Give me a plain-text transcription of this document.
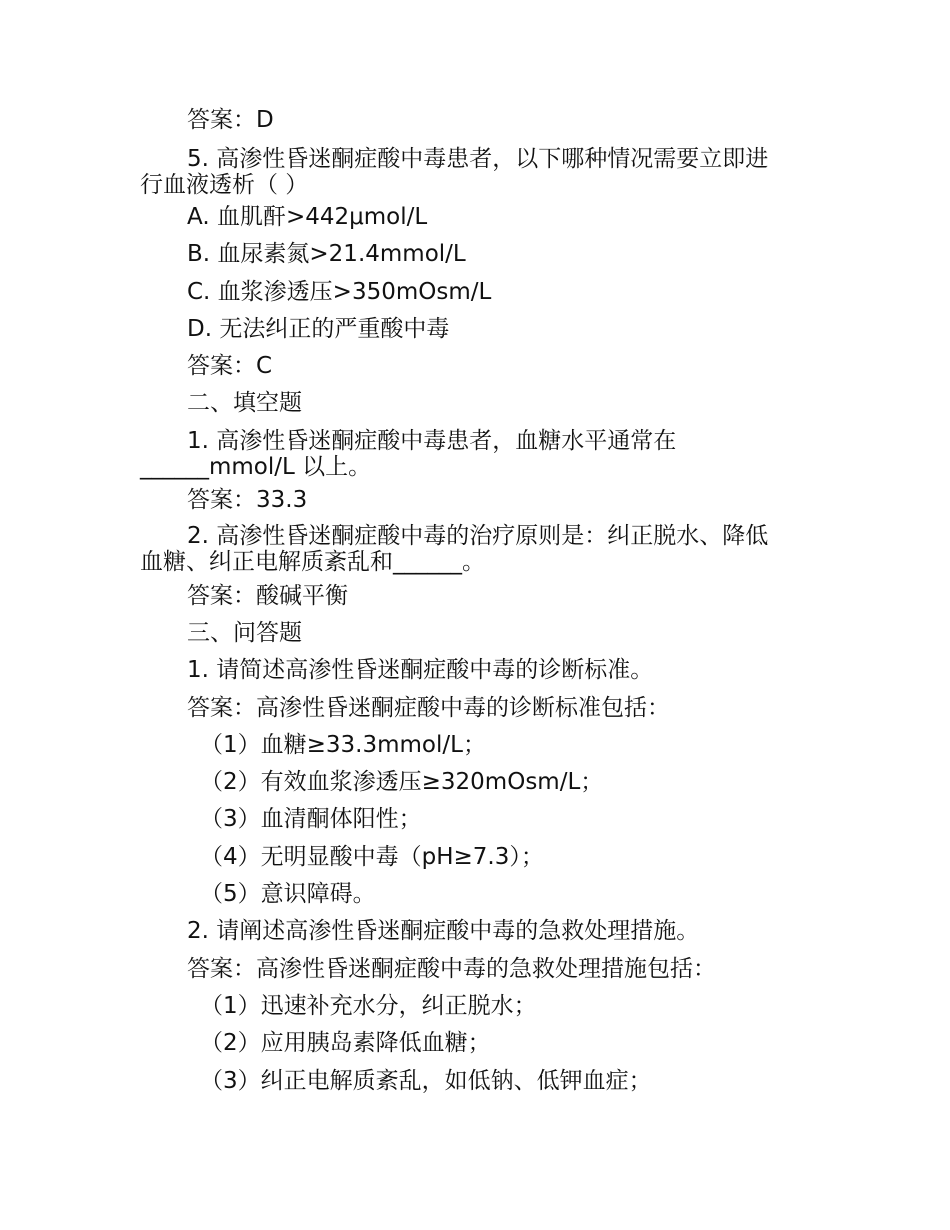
答案：D
5. 高渗性昏迷酮症酸中毒患者，以下哪种情况需要立即进
行血液透析（ ）
A. 血肌酐>442μmol/L
B. 血尿素氮>21.4mmol/L
C. 血浆渗透压>350mOsm/L
D. 无法纠正的严重酸中毒
答案：C
二、填空题
1. 高渗性昏迷酮症酸中毒患者，血糖水平通常在
______mmol/L 以上。
答案：33.3
2. 高渗性昏迷酮症酸中毒的治疗原则是：纠正脱水、降低
血糖、纠正电解质紊乱和______。
答案：酸碱平衡
三、问答题
1. 请简述高渗性昏迷酮症酸中毒的诊断标准。
答案：高渗性昏迷酮症酸中毒的诊断标准包括：
（1）血糖≥33.3mmol/L；
（2）有效血浆渗透压≥320mOsm/L；
（3）血清酮体阳性；
（4）无明显酸中毒（pH≥7.3）；
（5）意识障碍。
2. 请阐述高渗性昏迷酮症酸中毒的急救处理措施。
答案：高渗性昏迷酮症酸中毒的急救处理措施包括：
（1）迅速补充水分，纠正脱水；
（2）应用胰岛素降低血糖；
（3）纠正电解质紊乱，如低钠、低钾血症；
